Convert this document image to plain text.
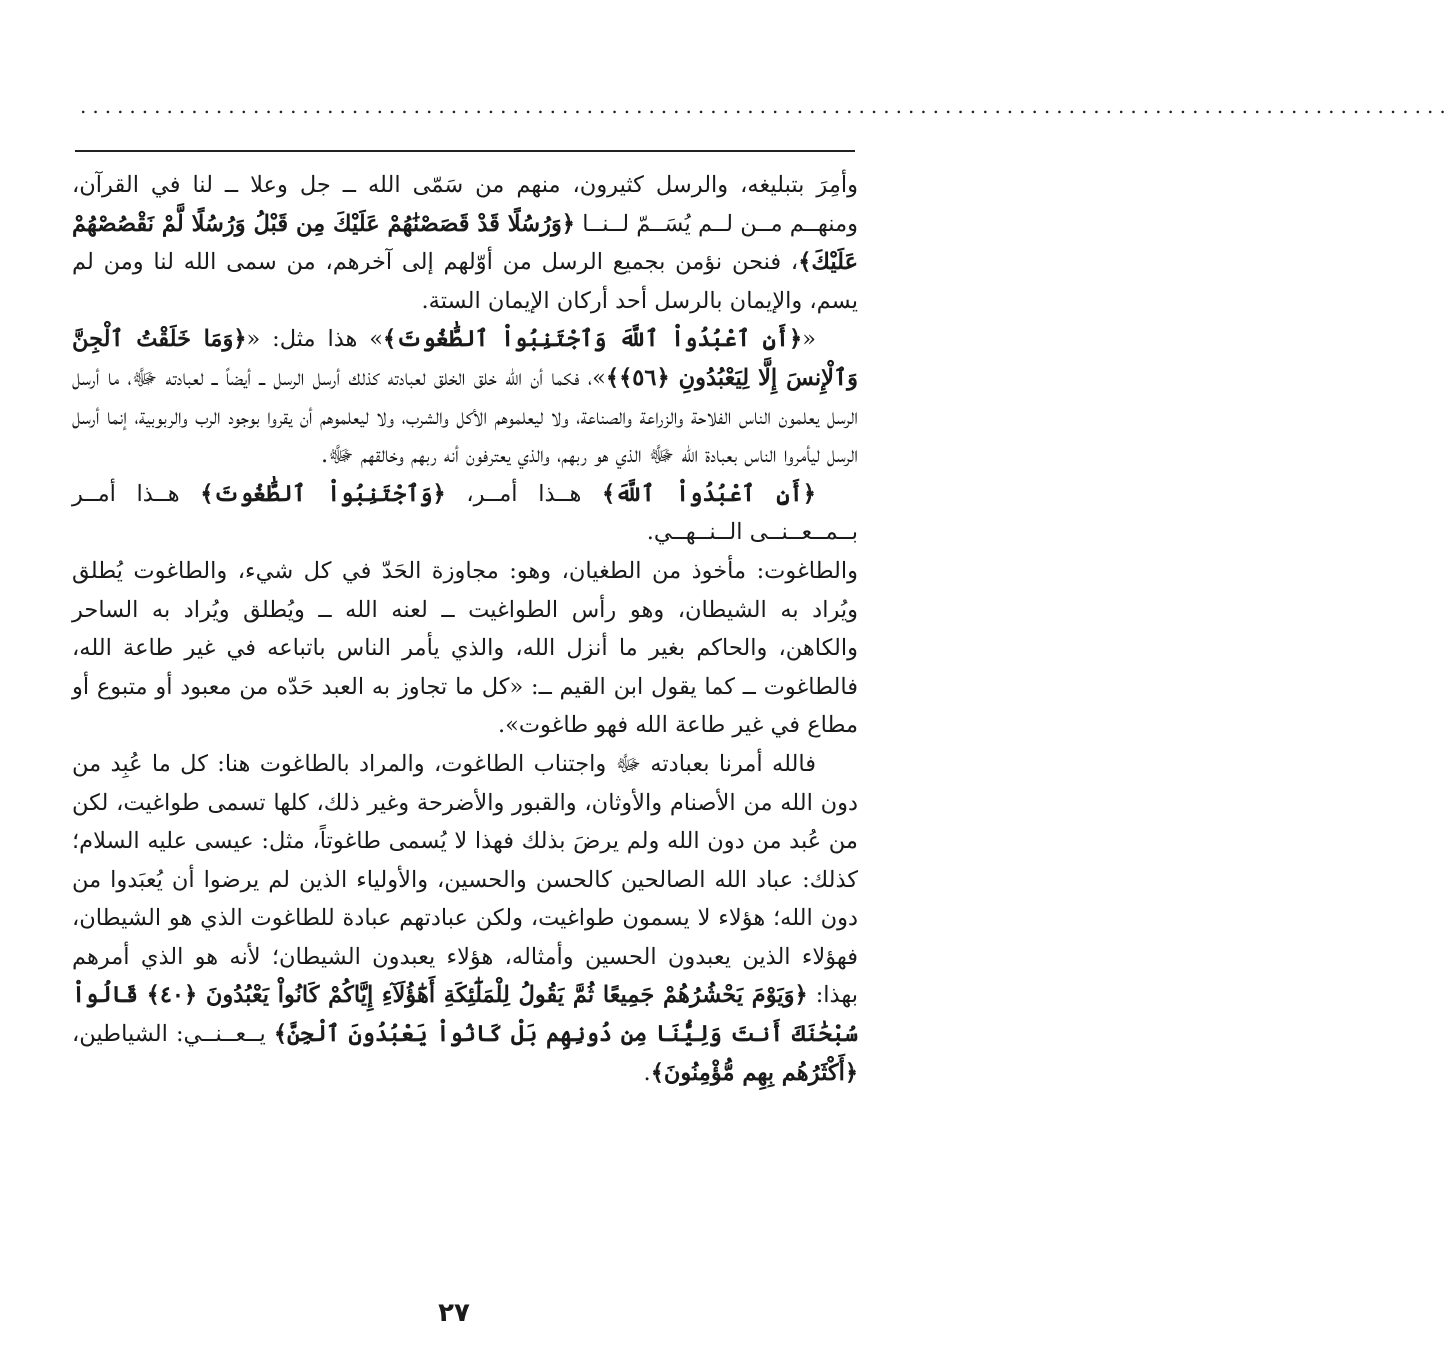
...............................................................................................................

وأمِرَ بتبليغه، والرسل كثيرون، منهم من سَمّى الله ــ جل وعلا ــ لنا في القرآن، ومنهــم مــن لــم يُسَــمّ لــنــا ﴿وَرُسُلًا قَدْ قَصَصْنَٰهُمْ عَلَيْكَ مِن قَبْلُ وَرُسُلًا لَّمْ نَقْصُصْهُمْ عَلَيْكَ﴾، فنحن نؤمن بجميع الرسل من أوّلهم إلى آخرهم، من سمى الله لنا ومن لم يسم، والإيمان بالرسل أحد أركان الإيمان الستة.

«﴿أَنِ ٱعْبُدُواْ ٱللَّهَ وَٱجْتَنِبُواْ ٱلطَّٰغُوتَ﴾» هذا مثل: «﴿وَمَا خَلَقْتُ ٱلْجِنَّ وَٱلْإِنسَ إِلَّا لِيَعْبُدُونِ ﴿٥٦﴾﴾»، فكما أن الله خلق الخلق لعبادته كذلك أرسل الرسل ــ أيضاً ــ لعبادته ﷻ، ما أرسل الرسل يعلمون الناس الفلاحة والزراعة والصناعة، ولا ليعلموهم الأكل والشرب، ولا ليعلموهم أن يقروا بوجود الرب والربوبية، إنما أرسل الرسل ليأمروا الناس بعبادة الله ﷻ الذي هو ربهم، والذي يعترفون أنه ربهم وخالقهم ﷻ.

﴿أَنِ ٱعْبُدُواْ ٱللَّهَ﴾ هــذا أمــر، ﴿وَٱجْتَنِبُواْ ٱلطَّٰغُوتَ﴾ هــذا أمــر بــمــعــنــى الــنــهــي.

والطاغوت: مأخوذ من الطغيان، وهو: مجاوزة الحَدّ في كل شيء، والطاغوت يُطلق ويُراد به الشيطان، وهو رأس الطواغيت ــ لعنه الله ــ ويُطلق ويُراد به الساحر والكاهن، والحاكم بغير ما أنزل الله، والذي يأمر الناس باتباعه في غير طاعة الله، فالطاغوت ــ كما يقول ابن القيم ــ: «كل ما تجاوز به العبد حَدّه من معبود أو متبوع أو مطاع في غير طاعة الله فهو طاغوت».

فالله أمرنا بعبادته ﷻ واجتناب الطاغوت، والمراد بالطاغوت هنا: كل ما عُبِد من دون الله من الأصنام والأوثان، والقبور والأضرحة وغير ذلك، كلها تسمى طواغيت، لكن من عُبد من دون الله ولم يرضَ بذلك فهذا لا يُسمى طاغوتاً، مثل: عيسى عليه السلام؛ كذلك: عباد الله الصالحين كالحسن والحسين، والأولياء الذين لم يرضوا أن يُعبَدوا من دون الله؛ هؤلاء لا يسمون طواغيت، ولكن عبادتهم عبادة للطاغوت الذي هو الشيطان، فهؤلاء الذين يعبدون الحسين وأمثاله، هؤلاء يعبدون الشيطان؛ لأنه هو الذي أمرهم بهذا: ﴿وَيَوْمَ يَحْشُرُهُمْ جَمِيعًا ثُمَّ يَقُولُ لِلْمَلَٰٓئِكَةِ أَهَٰٓؤُلَآءِ إِيَّاكُمْ كَانُواْ يَعْبُدُونَ ﴿٤٠﴾ قَالُواْ سُبْحَٰنَكَ أَنتَ وَلِيُّنَا مِن دُونِهِم بَلْ كَانُواْ يَعْبُدُونَ ٱلْجِنَّ﴾ يــعــنــي: الشياطين، ﴿أَكْثَرُهُم بِهِم مُّؤْمِنُونَ﴾.

٢٧
